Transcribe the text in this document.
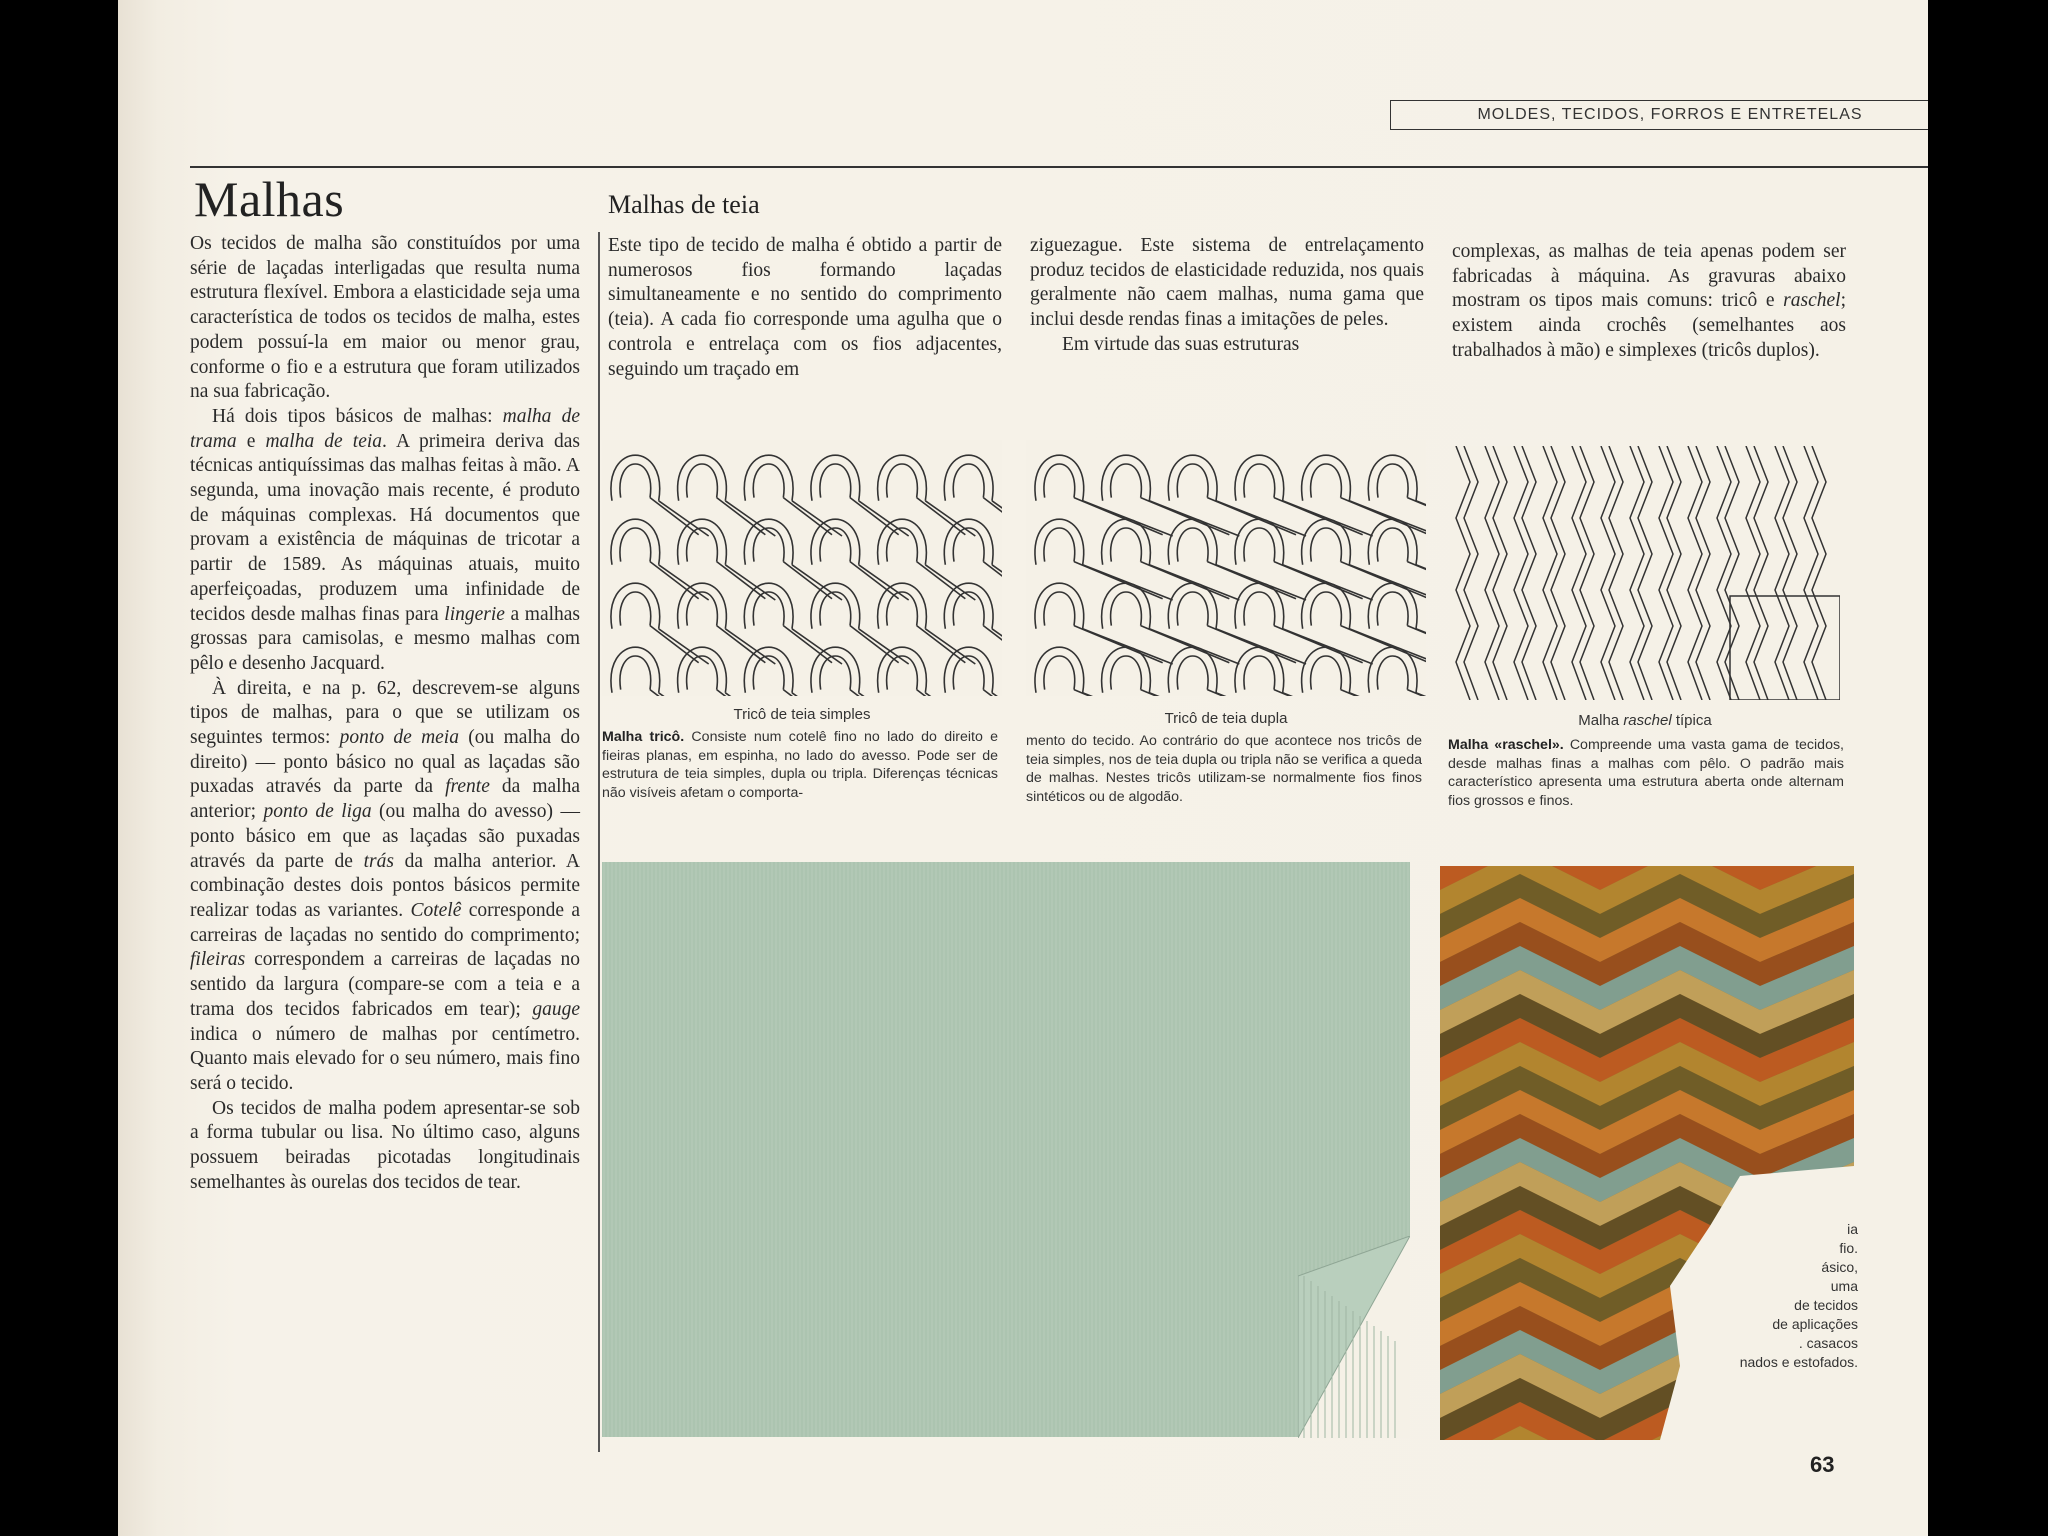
MOLDES, TECIDOS, FORROS E ENTRETELAS
Malhas	Malhas de teia

Os tecidos de malha são constituídos por uma série de laçadas interligadas que resulta numa estrutura flexível. Embora a elasticidade seja uma característica de todos os tecidos de malha, estes podem possuí-la em maior ou menor grau, conforme o fio e a estrutura que foram utilizados na sua fabricação.

Há dois tipos básicos de malhas: malha de trama e malha de teia. A primeira deriva das técnicas antiquíssimas das malhas feitas à mão. A segunda, uma inovação mais recente, é produto de máquinas complexas. Há documentos que provam a existência de máquinas de tricotar a partir de 1589. As máquinas atuais, muito aperfeiçoadas, produzem uma infinidade de tecidos desde malhas finas para lingerie a malhas grossas para camisolas, e mesmo malhas com pêlo e desenho Jacquard.

À direita, e na p. 62, descrevem-se alguns tipos de malhas, para o que se utilizam os seguintes termos: ponto de meia (ou malha do direito) — ponto básico no qual as laçadas são puxadas através da parte da frente da malha anterior; ponto de liga (ou malha do avesso) — ponto básico em que as laçadas são puxadas através da parte de trás da malha anterior. A combinação destes dois pontos básicos permite realizar todas as variantes. Cotelê corresponde a carreiras de laçadas no sentido do comprimento; fileiras correspondem a carreiras de laçadas no sentido da largura (compare-se com a teia e a trama dos tecidos fabricados em tear); gauge indica o número de malhas por centímetro. Quanto mais elevado for o seu número, mais fino será o tecido.

Os tecidos de malha podem apresentar-se sob a forma tubular ou lisa. No último caso, alguns possuem beiradas picotadas longitudinais semelhantes às ourelas dos tecidos de tear.

Este tipo de tecido de malha é obtido a partir de numerosos fios formando laçadas simultaneamente e no sentido do comprimento (teia). A cada fio corresponde uma agulha que o controla e entrelaça com os fios adjacentes, seguindo um traçado em

ziguezague. Este sistema de entrelaçamento produz tecidos de elasticidade reduzida, nos quais geralmente não caem malhas, numa gama que inclui desde rendas finas a imitações de peles.

Em virtude das suas estruturas

complexas, as malhas de teia apenas podem ser fabricadas à máquina. As gravuras abaixo mostram os tipos mais comuns: tricô e raschel; existem ainda crochês (semelhantes aos trabalhados à mão) e simplexes (tricôs duplos).

Tricô de teia simples	Tricô de teia dupla	Malha raschel típica
Malha tricô. Consiste num cotelê fino no lado do direito e fieiras planas, em espinha, no lado do avesso. Pode ser de estrutura de teia simples, dupla ou tripla. Diferenças técnicas não visíveis afetam o comporta-
mento do tecido. Ao contrário do que acontece nos tricôs de teia simples, nos de teia dupla ou tripla não se verifica a queda de malhas. Nestes tricôs utilizam-se normalmente fios finos sintéticos ou de algodão.
Malha «raschel». Compreende uma vasta gama de tecidos, desde malhas finas a malhas com pêlo. O padrão mais característico apresenta uma estrutura aberta onde alternam fios grossos e finos.
ia
fio.
ásico,
uma
de tecidos
de aplicações
. casacos
nados e estofados.
63
